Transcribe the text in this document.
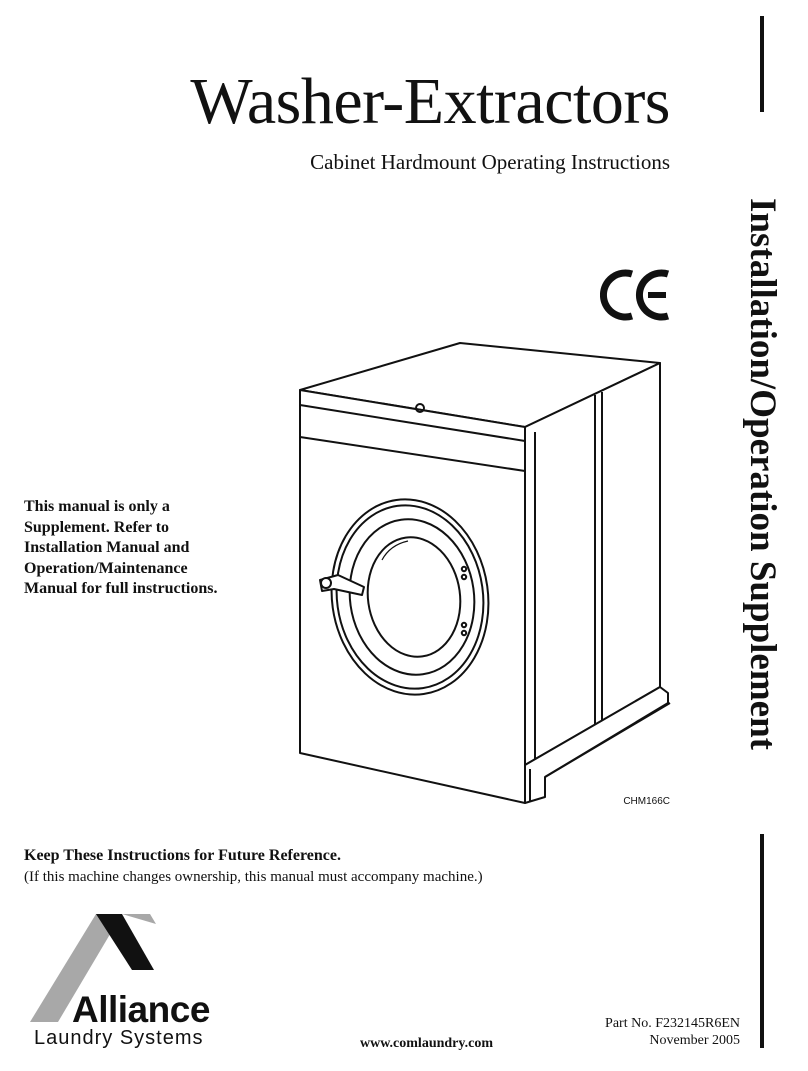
Washer-Extractors
Cabinet Hardmount Operating Instructions
CHM166C
This manual is only a Supplement. Refer to Installation Manual and Operation/Maintenance Manual for full instructions.
Keep These Instructions for Future Reference.
(If this machine changes ownership, this manual must accompany machine.)
Installation/Operation Supplement
Alliance
Laundry Systems	www.comlaundry.com
Part No. F232145R6EN
November 2005
